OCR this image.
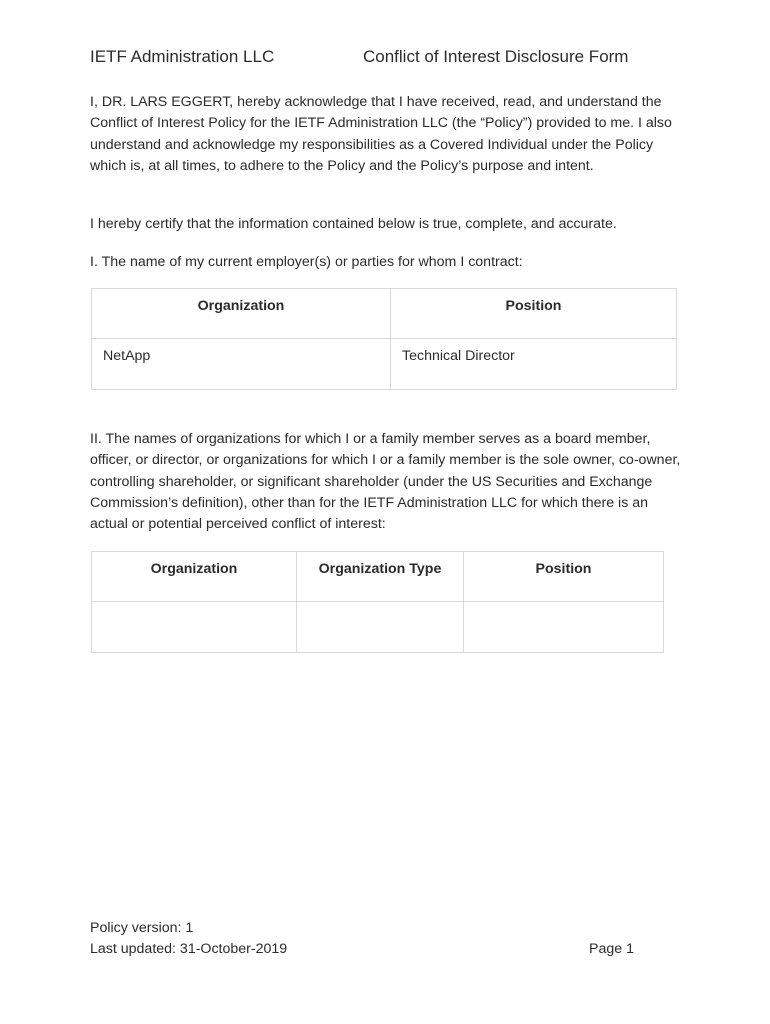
IETF Administration LLC	Conflict of Interest Disclosure Form

I, DR. LARS EGGERT, hereby acknowledge that I have received, read, and understand the Conflict of Interest Policy for the IETF Administration LLC (the “Policy”) provided to me. I also understand and acknowledge my responsibilities as a Covered Individual under the Policy which is, at all times, to adhere to the Policy and the Policy’s purpose and intent.

I hereby certify that the information contained below is true, complete, and accurate.

I. The name of my current employer(s) or parties for whom I contract:

Organization	Position
NetApp	Technical Director

II. The names of organizations for which I or a family member serves as a board member, officer, or director, or organizations for which I or a family member is the sole owner, co-owner, controlling shareholder, or significant shareholder (under the US Securities and Exchange Commission’s definition), other than for the IETF Administration LLC for which there is an actual or potential perceived conflict of interest:

Organization	Organization Type	Position

Policy version: 1
Last updated: 31-October-2019	Page 1
